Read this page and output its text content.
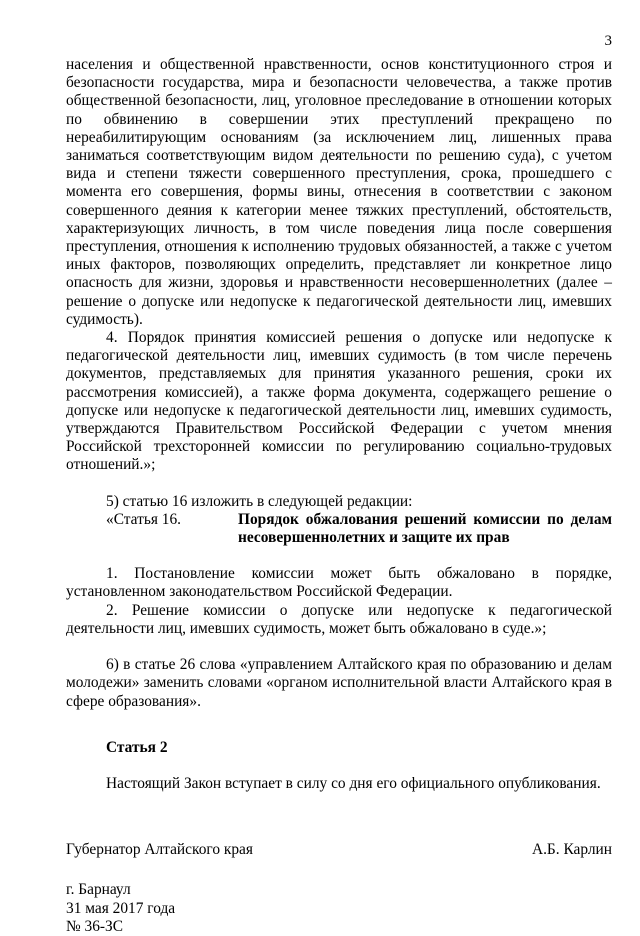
3

населения и общественной нравственности, основ конституционного строя и безопасности государства, мира и безопасности человечества, а также против общественной безопасности, лиц, уголовное преследование в отношении которых по обвинению в совершении этих преступлений прекращено по нереабилитирующим основаниям (за исключением лиц, лишенных права заниматься соответствующим видом деятельности по решению суда), с учетом вида и степени тяжести совершенного преступления, срока, прошедшего с момента его совершения, формы вины, отнесения в соответствии с законом совершенного деяния к категории менее тяжких преступлений, обстоятельств, характеризующих личность, в том числе поведения лица после совершения преступления, отношения к исполнению трудовых обязанностей, а также с учетом иных факторов, позволяющих определить, представляет ли конкретное лицо опасность для жизни, здоровья и нравственности несовершеннолетних (далее – решение о допуске или недопуске к педагогической деятельности лиц, имевших судимость).

4. Порядок принятия комиссией решения о допуске или недопуске к педагогической деятельности лиц, имевших судимость (в том числе перечень документов, представляемых для принятия указанного решения, сроки их рассмотрения комиссией), а также форма документа, содержащего решение о допуске или недопуске к педагогической деятельности лиц, имевших судимость, утверждаются Правительством Российской Федерации с учетом мнения Российской трехсторонней комиссии по регулированию социально-трудовых отношений.»;

5) статью 16 изложить в следующей редакции:

«Статья 16.	Порядок обжалования решений комиссии по делам несовершеннолетних и защите их прав

1. Постановление комиссии может быть обжаловано в порядке, установленном законодательством Российской Федерации.

2. Решение комиссии о допуске или недопуске к педагогической деятельности лиц, имевших судимость, может быть обжаловано в суде.»;

6) в статье 26 слова «управлением Алтайского края по образованию и делам молодежи» заменить словами «органом исполнительной власти Алтайского края в сфере образования».

Статья 2

Настоящий Закон вступает в силу со дня его официального опубликования.

Губернатор Алтайского края	А.Б. Карлин

г. Барнаул

31 мая 2017 года

№ 36-ЗС
